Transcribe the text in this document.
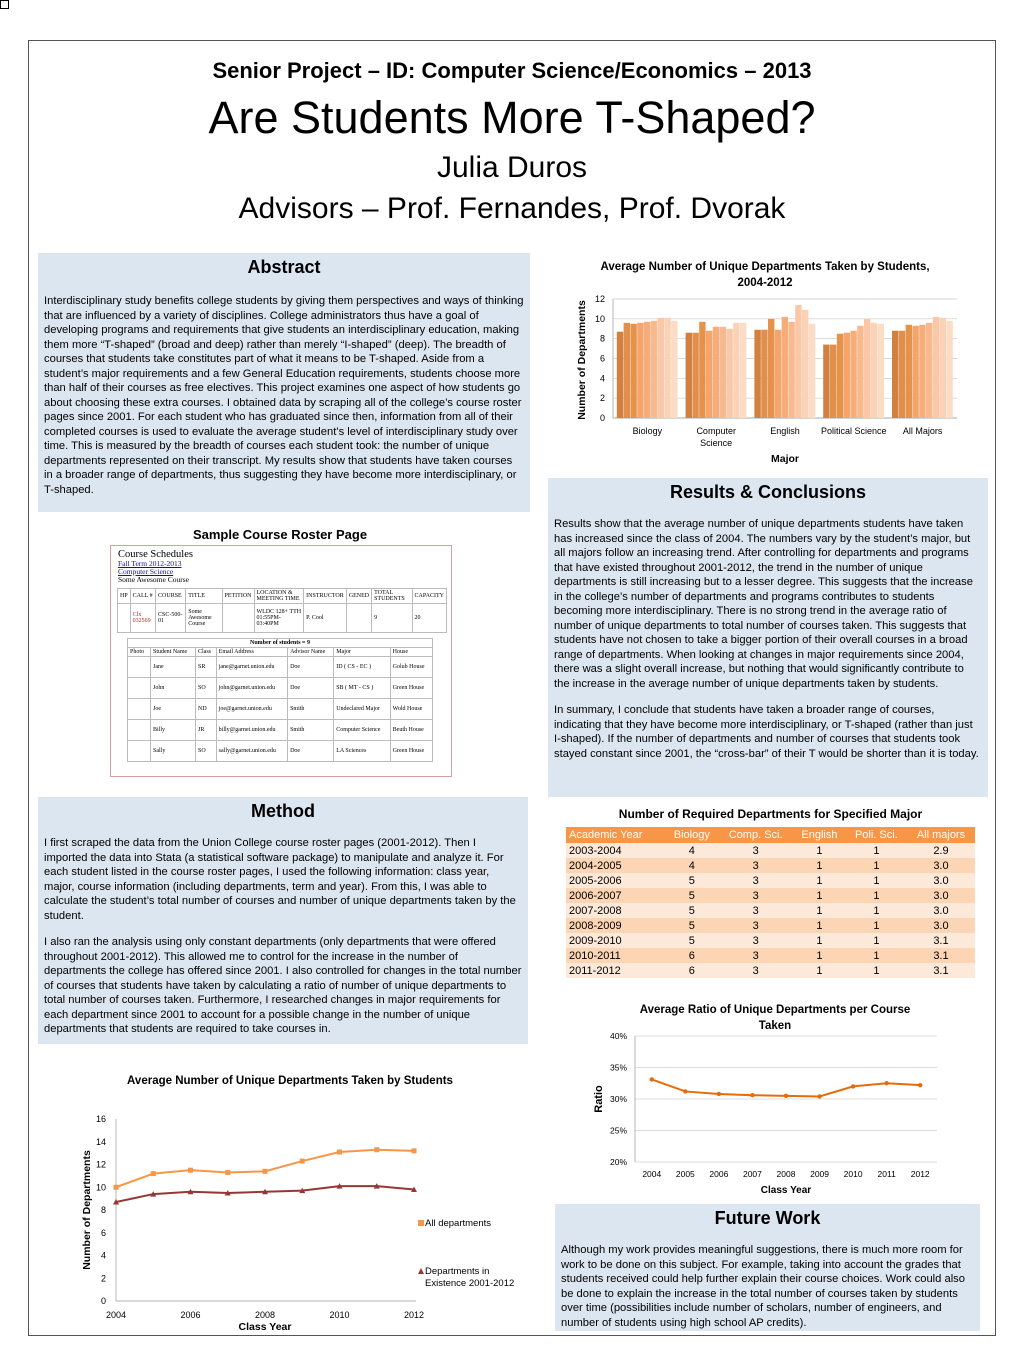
Senior Project – ID: Computer Science/Economics – 2013
Are Students More T-Shaped?
Julia Duros
Advisors – Prof. Fernandes, Prof. Dvorak
Abstract

Interdisciplinary study benefits college students by giving them perspectives and ways of thinking that are influenced by a variety of disciplines. College administrators thus have a goal of developing programs and requirements that give students an interdisciplinary education, making them more “T-shaped” (broad and deep) rather than merely “I-shaped” (deep). The breadth of courses that students take constitutes part of what it means to be T-shaped. Aside from a student’s major requirements and a few General Education requirements, students choose more than half of their courses as free electives. This project examines one aspect of how students go about choosing these extra courses. I obtained data by scraping all of the college’s course roster pages since 2001. For each student who has graduated since then, information from all of their completed courses is used to evaluate the average student’s level of interdisciplinary study over time. This is measured by the breadth of courses each student took: the number of unique departments represented on their transcript. My results show that students have taken courses in a broader range of departments, thus suggesting they have become more interdisciplinary, or T-shaped.

Sample Course Roster Page
Course Schedules
Fall Term 2012-2013
Computer Science
Some Awesome Course
HP	CALL #	COURSE	TITLE	PETITION	LOCATION & MEETING TIME	INSTRUCTOR	GENED	TOTAL STUDENTS	CAPACITY
	Clx 032569	CSC-500-01	Some Awesome Course		WLDC 128+ TTH 01:55PM-03:40PM	P. Cool		9	20
Number of students = 9						
Photo	Student Name	Class	Email Address	Advisor Name	Major	House
	Jane	SR	jane@garnet.union.edu	Doe	ID ( CS - EC )	Golub House
	John	SO	john@garnet.union.edu	Doe	SB ( MT - CS )	Green House
	Joe	ND	joe@garnet.union.edu	Smith	Undeclared Major	Wold House
	Billy	JR	billy@garnet.union.edu	Smith	Computer Science	Beuth House
	Sally	SO	sally@garnet.union.edu	Doe	LA Sciences	Green House
Method

I first scraped the data from the Union College course roster pages (2001-2012). Then I imported the data into Stata (a statistical software package) to manipulate and analyze it. For each student listed in the course roster pages, I used the following information: class year, major, course information (including departments, term and year). From this, I was able to calculate the student’s total number of courses and number of unique departments taken by the student.

I also ran the analysis using only constant departments (only departments that were offered throughout 2001-2012). This allowed me to control for the increase in the number of departments the college has offered since 2001. I also controlled for changes in the total number of courses that students have taken by calculating a ratio of number of unique departments to total number of courses taken. Furthermore, I researched changes in major requirements for each department since 2001 to account for a possible change in the number of unique departments that students are required to take courses in.

Average Number of Unique Departments Taken by Students, 2004-2012
0
2
4
6
8
10
12
Biology	Computer Science
English Political Science All Majors
Number of Departments
Major
Results & Conclusions

Results show that the average number of unique departments students have taken has increased since the class of 2004. The numbers vary by the student’s major, but all majors follow an increasing trend. After controlling for departments and programs that have existed throughout 2001-2012, the trend in the number of unique departments is still increasing but to a lesser degree. This suggests that the increase in the college’s number of departments and programs contributes to students becoming more interdisciplinary. There is no strong trend in the average ratio of number of unique departments to total number of courses taken. This suggests that students have not chosen to take a bigger portion of their overall courses in a broad range of departments. When looking at changes in major requirements since 2004, there was a slight overall increase, but nothing that would significantly contribute to the increase in the average number of unique departments taken by students.

In summary, I conclude that students have taken a broader range of courses, indicating that they have become more interdisciplinary, or T-shaped (rather than just I-shaped). If the number of departments and number of courses that students took stayed constant since 2001, the “cross-bar” of their T would be shorter than it is today.

Number of Required Departments for Specified Major
Academic Year	Biology	Comp. Sci.	English	Poli. Sci.	All majors
2003-2004	4	3	1	1	2.9
2004-2005	4	3	1	1	3.0
2005-2006	5	3	1	1	3.0
2006-2007	5	3	1	1	3.0
2007-2008	5	3	1	1	3.0
2008-2009	5	3	1	1	3.0
2009-2010	5	3	1	1	3.1
2010-2011	6	3	1	1	3.1
2011-2012	6	3	1	1	3.1
Average Ratio of Unique Departments per Course Taken
20%
25%
30%
35%
40%
2004 2005 2006 2007 2008 2009 2010 2011 2012
Ratio
Class Year
Average Number of Unique Departments Taken by Students
0
2
4
6
8
10
12
14
16
2004	2006	2008	2010	2012
All departments
Departments in Existence 2001-2012
Number of Departments
Class Year
Future Work

Although my work provides meaningful suggestions, there is much more room for work to be done on this subject. For example, taking into account the grades that students received could help further explain their course choices. Work could also be done to explain the increase in the total number of courses taken by students over time (possibilities include number of scholars, number of engineers, and number of students using high school AP credits).
